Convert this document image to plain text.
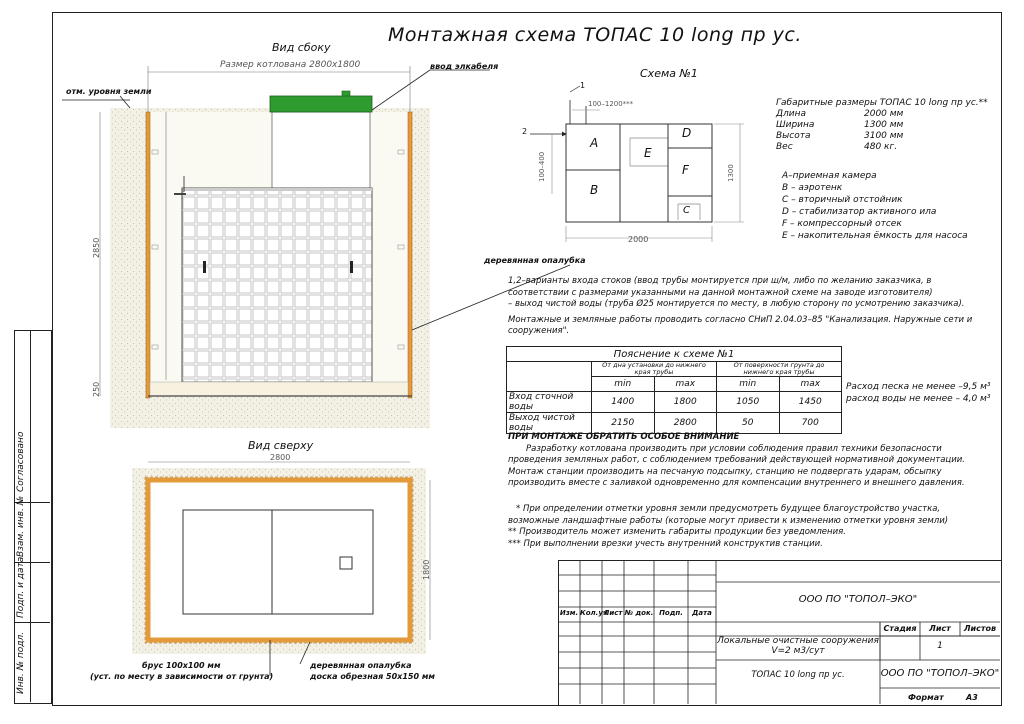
Согласовано
Взам. инв. №
Подп. и дата
Инв. № подл.
Монтажная схема ТОПАС 10 long пр ус.
Вид сбоку
Размер котлована 2800х1800
отм. уровня земли
ввод элкабеля
деревянная опалубка
2850
250
Вид сверху
2800
1800
брус 100х100 мм
(уст. по месту в зависимости от грунта)
деревянная опалубка
доска обрезная 50х150 мм
Схема №1
1
2
100–1200***
100–400	1300
2000
A
B
E
D
F
C
Габаритные размеры ТОПАС 10 long пр ус.**
Длина	2000 мм
Ширина	1300 мм
Высота	3100 мм
Вес	480 кг.
A–приемная камера
B – аэротенк
C – вторичный отстойник
D – стабилизатор активного ила
F – компрессорный отсек
E – накопительная ёмкость для насоса
1,2–варианты входа стоков (ввод трубы монтируется при ш/м, либо по желанию заказчика, в
соответствии с размерами указанными на данной монтажной схеме на заводе изготовителя)
– выход чистой воды (труба Ø25 монтируется по месту, в любую сторону по усмотрению заказчика).
Монтажные и земляные работы проводить согласно СНиП 2.04.03–85 "Канализация. Наружные сети и
сооружения".
Пояснение к схеме №1				
	От дна установки до нижнего края трубы		От поверхности грунта до нижнего края трубы	
	min	max	min	max
Вход сточной воды	1400	1800	1050	1450
Выход чистой воды	2150	2800	50	700
Расход песка не менее –9,5 м³
расход воды не менее – 4,0 м³
ПРИ МОНТАЖЕ ОБРАТИТЬ ОСОБОЕ ВНИМАНИЕ
Разработку котлована производить при условии соблюдения правил техники безопасности
проведения земляных работ, с соблюдением требований действующей нормативной документации.
Монтаж станции производить на песчаную подсыпку, станцию не подвергать ударам, обсыпку
производить вместе с заливкой одновременно для компенсации внутреннего и внешнего давления.
* При определении отметки уровня земли предусмотреть будущее благоустройство участка,
возможные ландшафтные работы (которые могут привести к изменению отметки уровня земли)
** Производитель может изменить габариты продукции без уведомления.
*** При выполнении врезки учесть внутренний конструктив станции.
Изм. Кол.уч
Лист № док. Подп.	Дата
ООО ПО "ТОПОЛ–ЭКО"
Стадия	Лист	Листов
1
Локальные очистные сооружения
V=2 м3/сут
ТОПАС 10 long пр ус.	ООО ПО "ТОПОЛ–ЭКО"
Формат	А3
